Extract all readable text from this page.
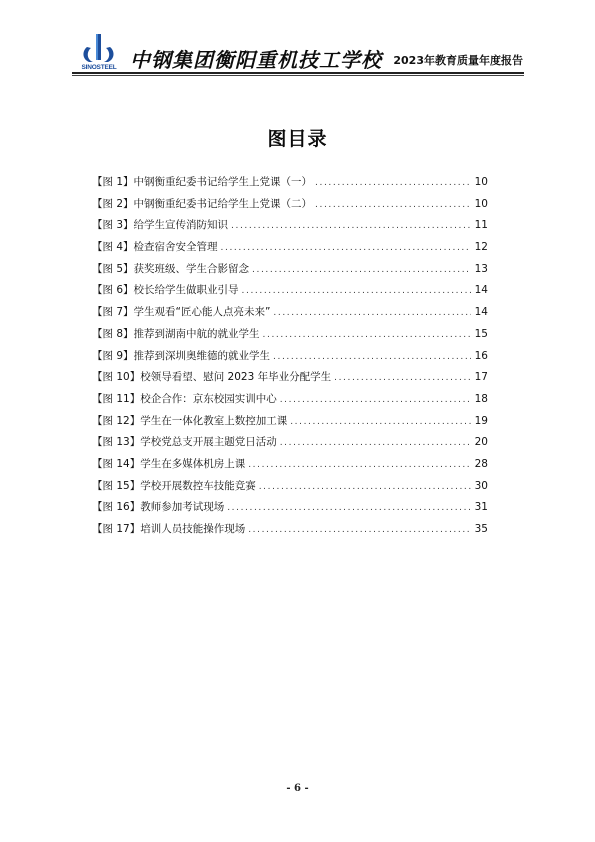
SINOSTEEL 中钢集团衡阳重机技工学校 2023年教育质量年度报告
图目录
【图 1】中钢衡重纪委书记给学生上党课（一） .....	10
【图 2】中钢衡重纪委书记给学生上党课（二） .....	10
【图 3】给学生宣传消防知识 .....	11
【图 4】检查宿舍安全管理 .....	12
【图 5】获奖班级、学生合影留念 .....	13
【图 6】校长给学生做职业引导 .....	14
【图 7】学生观看“匠心能人点亮未来” .....	14
【图 8】推荐到湖南中航的就业学生 .....	15
【图 9】推荐到深圳奥维德的就业学生 .....	16
【图 10】校领导看望、慰问 2023 年毕业分配学生 .....	17
【图 11】校企合作：京东校园实训中心 .....	18
【图 12】学生在一体化教室上数控加工课 .....	19
【图 13】学校党总支开展主题党日活动 .....	20
【图 14】学生在多媒体机房上课 .....	28
【图 15】学校开展数控车技能竞赛 .....	30
【图 16】教师参加考试现场 .....	31
【图 17】培训人员技能操作现场 .....	35
- 6 -
